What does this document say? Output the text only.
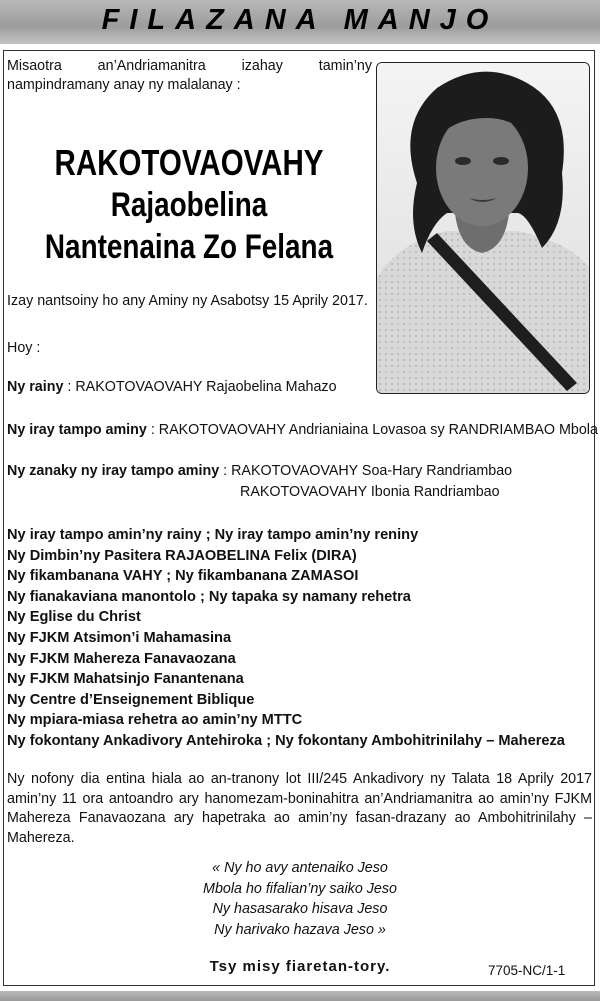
FILAZANA MANJO
Misaotra an’Andriamanitra izahay tamin’ny nampindramany anay ny malalanay :
RAKOTOVAOVAHY
Rajaobelina
Nantenaina Zo Felana
Izay nantsoiny ho any Aminy ny Asabotsy 15 Aprily 2017.
Hoy :
Ny rainy : RAKOTOVAOVAHY Rajaobelina Mahazo
Ny iray tampo aminy : RAKOTOVAOVAHY Andrianiaina Lovasoa sy RANDRIAMBAO Mbola
Ny zanaky ny iray tampo aminy : RAKOTOVAOVAHY Soa-Hary Randriambao
RAKOTOVAOVAHY Ibonia Randriambao
Ny iray tampo amin’ny rainy ; Ny iray tampo amin’ny reniny
Ny Dimbin’ny Pasitera RAJAOBELINA Felix (DIRA)
Ny fikambanana VAHY ; Ny fikambanana ZAMASOI
Ny fianakaviana manontolo ; Ny tapaka sy namany rehetra
Ny Eglise du Christ
Ny FJKM Atsimon’i Mahamasina
Ny FJKM Mahereza Fanavaozana
Ny FJKM Mahatsinjo Fanantenana
Ny Centre d’Enseignement Biblique
Ny mpiara-miasa rehetra ao amin’ny MTTC
Ny fokontany Ankadivory Antehiroka ; Ny fokontany Ambohitrinilahy – Mahereza
Ny nofony dia entina hiala ao an-tranony lot III/245 Ankadivory ny Talata 18 Aprily 2017 amin’ny 11 ora antoandro ary hanomezam-boninahitra an’Andriamanitra ao amin’ny FJKM Mahereza Fanavaozana ary hapetraka ao amin’ny fasan-drazany ao Ambohitrinilahy – Mahereza.
« Ny ho avy antenaiko Jeso
Mbola ho fifalian’ny saiko Jeso
Ny hasasarako hisava Jeso
Ny harivako hazava Jeso »
Tsy misy fiaretan-tory.	7705-NC/1-1
